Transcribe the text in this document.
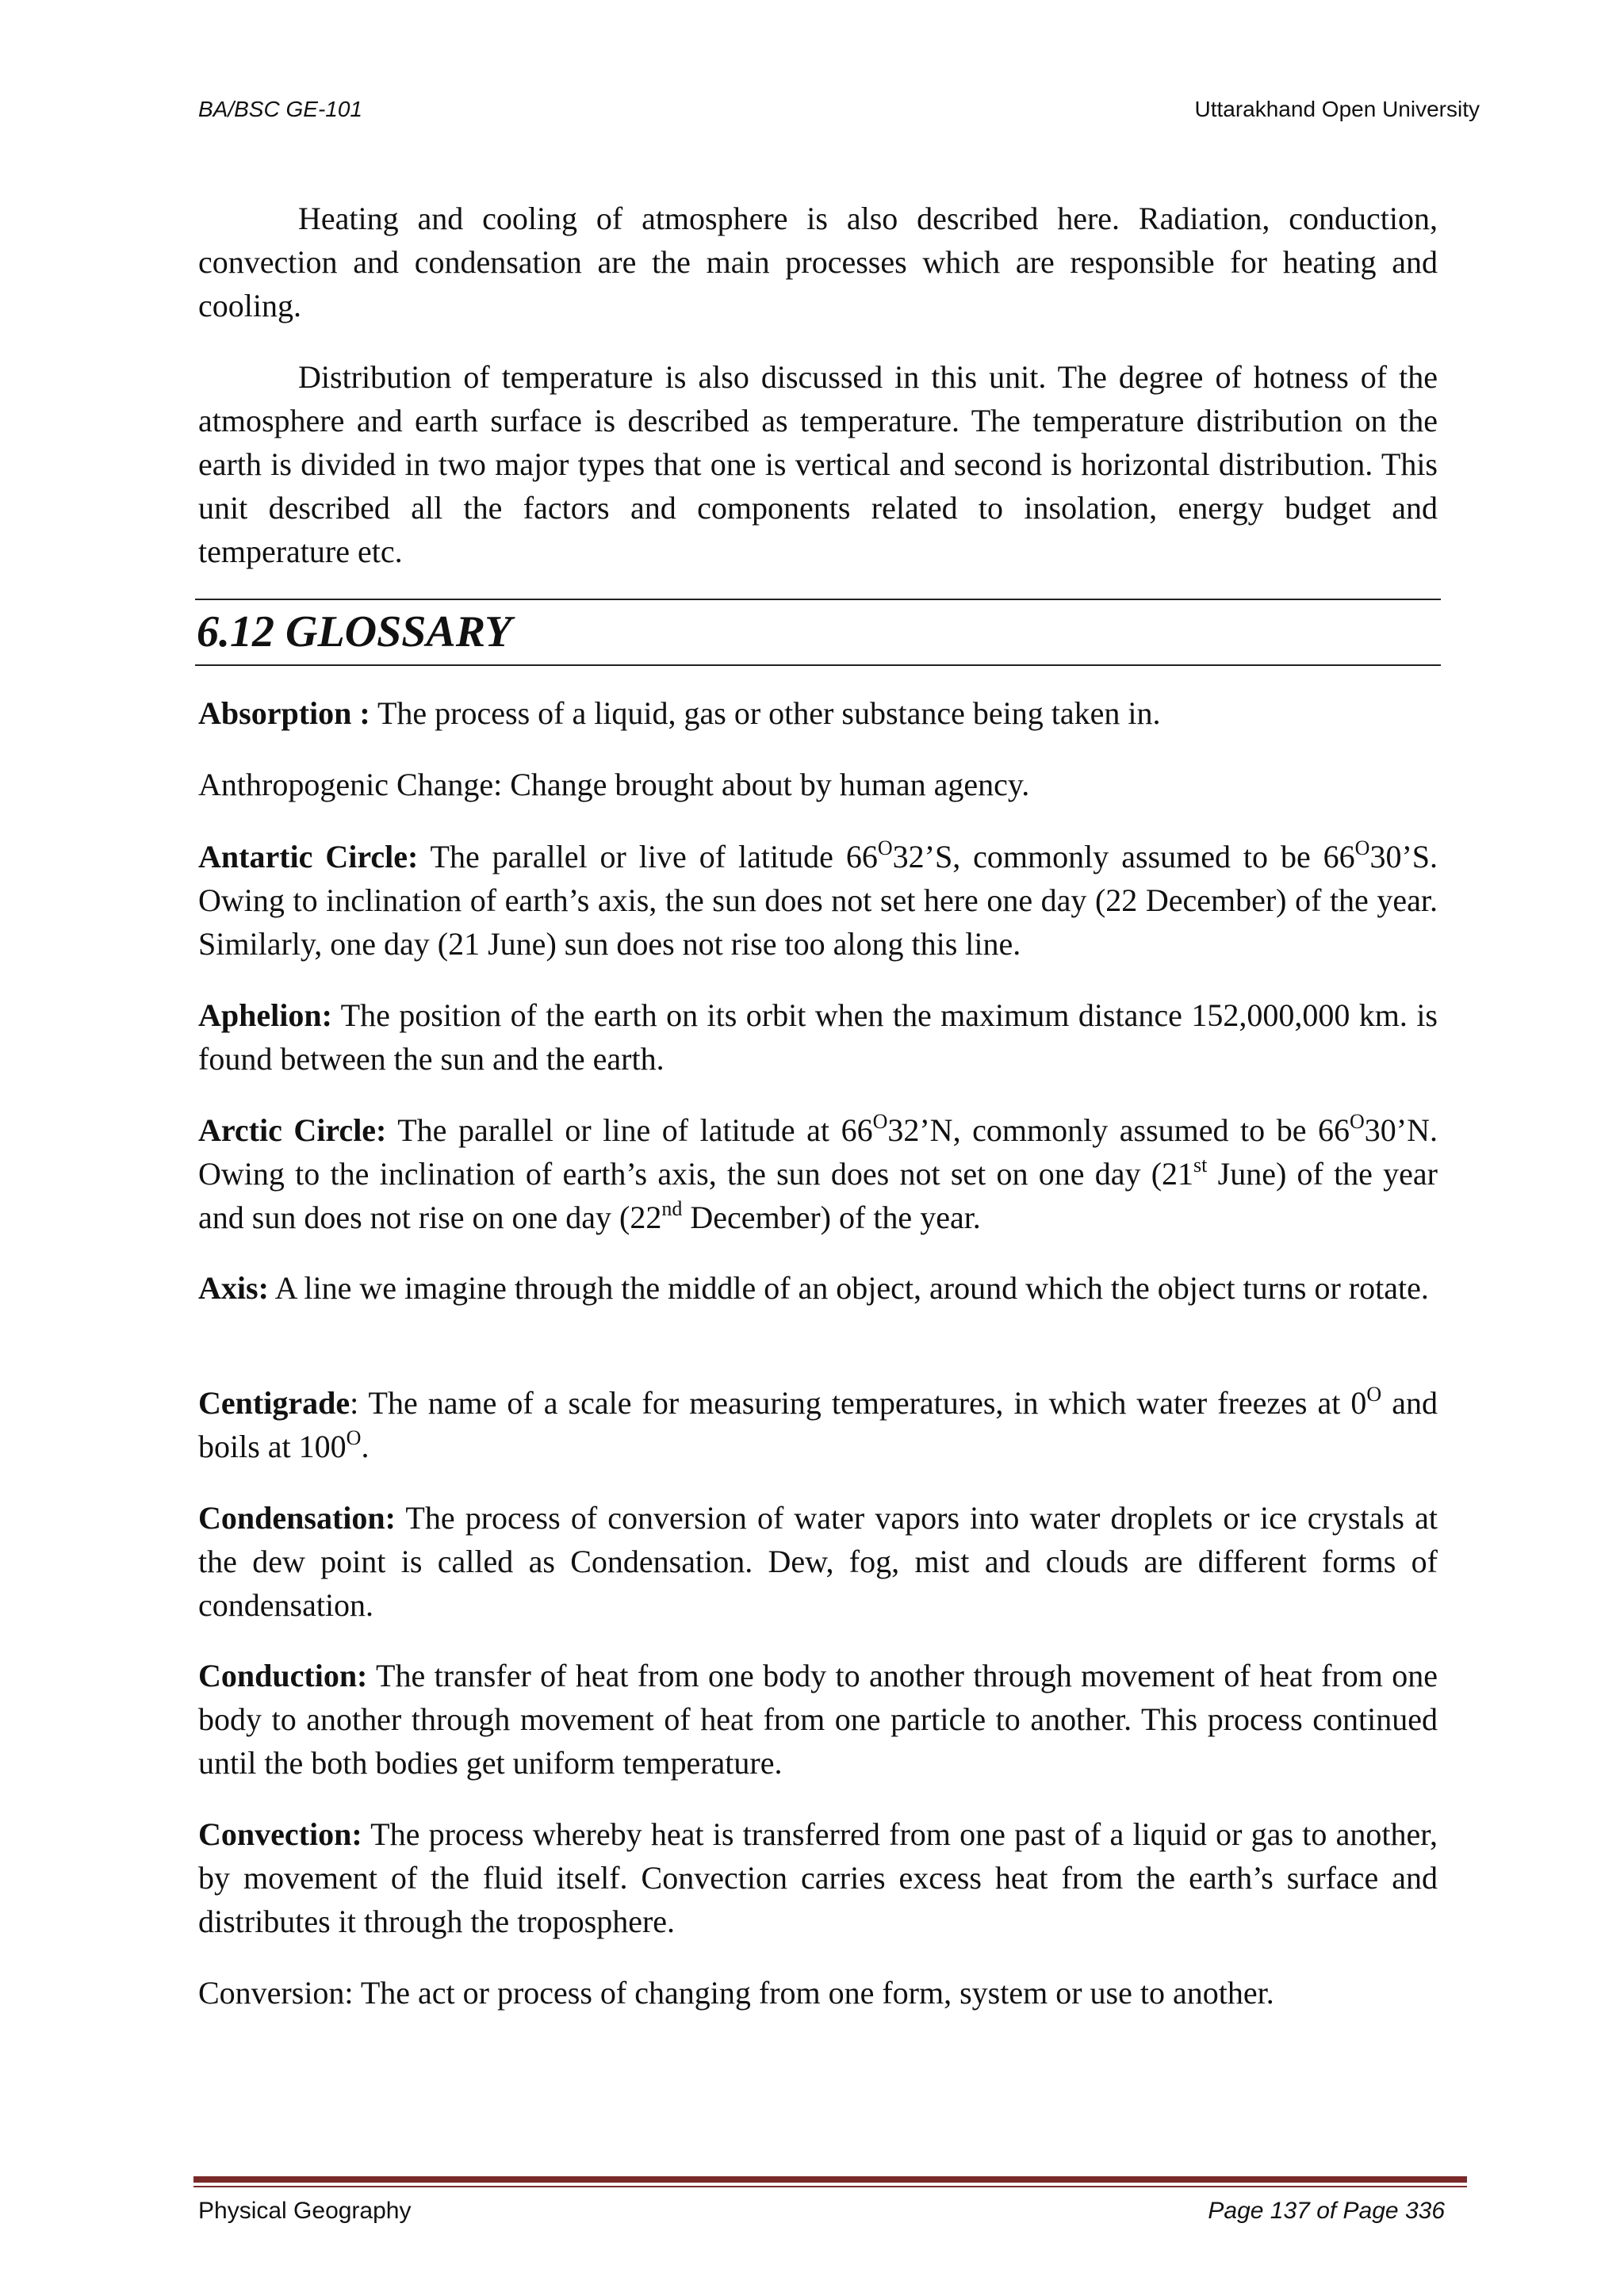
BA/BSC GE-101	Uttarakhand Open University

Heating and cooling of atmosphere is also described here. Radiation, conduction, convection and condensation are the main processes which are responsible for heating and cooling.

Distribution of temperature is also discussed in this unit. The degree of hotness of the atmosphere and earth surface is described as temperature. The temperature distribution on the earth is divided in two major types that one is vertical and second is horizontal distribution. This unit described all the factors and components related to insolation, energy budget and temperature etc.

6.12 GLOSSARY

Absorption : The process of a liquid, gas or other substance being taken in.

Anthropogenic Change: Change brought about by human agency.

Antartic Circle: The parallel or live of latitude $66^O32’S$, commonly assumed to be $66^O30’S$. Owing to inclination of earth’s axis, the sun does not set here one day (22 December) of the year. Similarly, one day (21 June) sun does not rise too along this line.

Aphelion: The position of the earth on its orbit when the maximum distance 152,000,000 km. is found between the sun and the earth.

Arctic Circle: The parallel or line of latitude at $66^O32’N$, commonly assumed to be $66^O30’N$. Owing to the inclination of earth’s axis, the sun does not set on one day (21st June) of the year and sun does not rise on one day (22nd December) of the year.

Axis: A line we imagine through the middle of an object, around which the object turns or rotate.

Centigrade: The name of a scale for measuring temperatures, in which water freezes at $0^O$ and boils at $100^O$.

Condensation: The process of conversion of water vapors into water droplets or ice crystals at the dew point is called as Condensation. Dew, fog, mist and clouds are different forms of condensation.

Conduction: The transfer of heat from one body to another through movement of heat from one body to another through movement of heat from one particle to another. This process continued until the both bodies get uniform temperature.

Convection: The process whereby heat is transferred from one past of a liquid or gas to another, by movement of the fluid itself. Convection carries excess heat from the earth’s surface and distributes it through the troposphere.

Conversion: The act or process of changing from one form, system or use to another.

Physical Geography	Page 137 of Page 336
